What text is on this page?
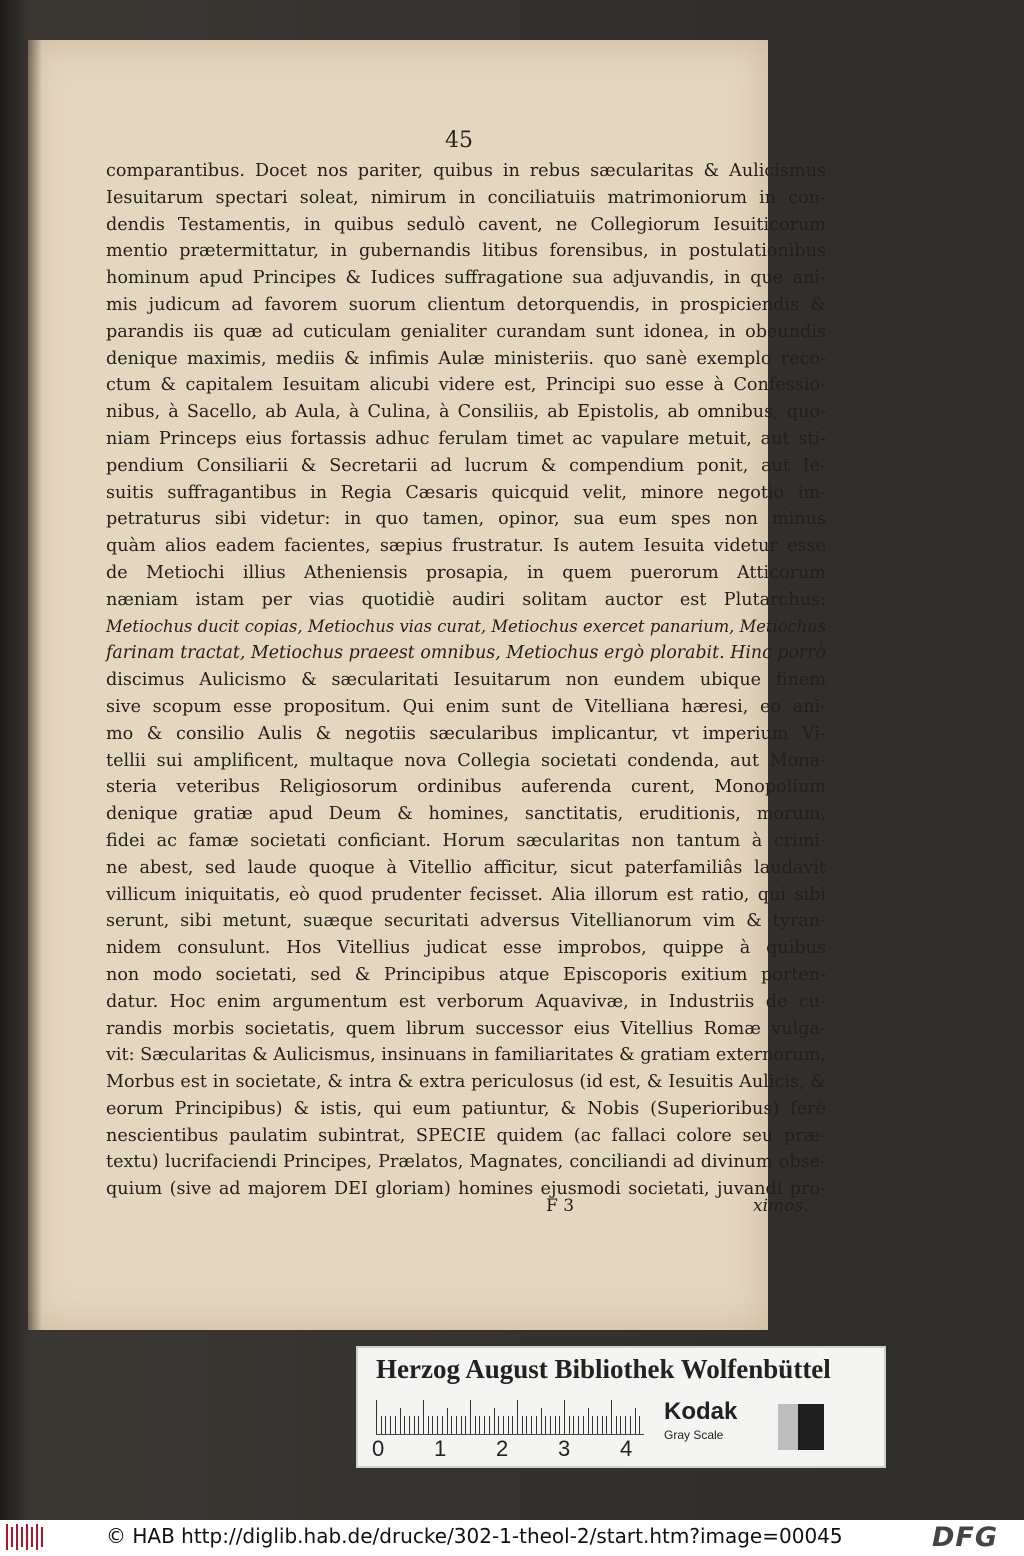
45
comparantibus. Docet nos pariter, quibus in rebus sæcularitas & Aulicismus
Iesuitarum spectari soleat, nimirum in conciliatuiis matrimoniorum in con-
dendis Testamentis, in quibus sedulò cavent, ne Collegiorum Iesuiticorum
mentio prætermittatur, in gubernandis litibus forensibus, in postulationibus
hominum apud Principes & Iudices suffragatione sua adjuvandis, in que ani-
mis judicum ad favorem suorum clientum detorquendis, in prospiciendis &
parandis iis quæ ad cuticulam genialiter curandam sunt idonea, in obeundis
denique maximis, mediis & infimis Aulæ ministeriis. quo sanè exemplo reco-
ctum & capitalem Iesuitam alicubi videre est, Principi suo esse à Confessio-
nibus, à Sacello, ab Aula, à Culina, à Consiliis, ab Epistolis, ab omnibus, quo-
niam Princeps eius fortassis adhuc ferulam timet ac vapulare metuit, aut sti-
pendium Consiliarii & Secretarii ad lucrum & compendium ponit, aut Ie-
suitis suffragantibus in Regia Cæsaris quicquid velit, minore negotio im-
petraturus sibi videtur: in quo tamen, opinor, sua eum spes non minus
quàm alios eadem facientes, sæpius frustratur. Is autem Iesuita videtur esse
de Metiochi illius Atheniensis prosapia, in quem puerorum Atticorum
næniam istam per vias quotidiè audiri solitam auctor est Plutarchus:
Metiochus ducit copias, Metiochus vias curat, Metiochus exercet panarium, Metiochus
farinam tractat, Metiochus praeest omnibus, Metiochus ergò plorabit. Hinc porrò
discimus Aulicismo & sæcularitati Iesuitarum non eundem ubique finem
sive scopum esse propositum. Qui enim sunt de Vitelliana hæresi, eo ani-
mo & consilio Aulis & negotiis sæcularibus implicantur, vt imperium Vi-
tellii sui amplificent, multaque nova Collegia societati condenda, aut Mona-
steria veteribus Religiosorum ordinibus auferenda curent, Monopolium
denique gratiæ apud Deum & homines, sanctitatis, eruditionis, morum,
fidei ac famæ societati conficiant. Horum sæcularitas non tantum à crimi-
ne abest, sed laude quoque à Vitellio afficitur, sicut paterfamiliâs laudavit
villicum iniquitatis, eò quod prudenter fecisset. Alia illorum est ratio, qui sibi
serunt, sibi metunt, suæque securitati adversus Vitellianorum vim & tyran-
nidem consulunt. Hos Vitellius judicat esse improbos, quippe à quibus
non modo societati, sed & Principibus atque Episcoporis exitium porten-
datur. Hoc enim argumentum est verborum Aquavivæ, in Industriis de cu-
randis morbis societatis, quem librum successor eius Vitellius Romæ vulga-
vit: Sæcularitas & Aulicismus, insinuans in familiaritates & gratiam externorum,
Morbus est in societate, & intra & extra periculosus (id est, & Iesuitis Aulicis, &
eorum Principibus) & istis, qui eum patiuntur, & Nobis (Superioribus) ferè
nescientibus paulatim subintrat, SPECIE quidem (ac fallaci colore seu præ-
textu) lucrifaciendi Principes, Prælatos, Magnates, conciliandi ad divinum obse-
quium (sive ad majorem DEI gloriam) homines ejusmodi societati, juvandi pro-
F 3	ximos.
Herzog August Bibliothek Wolfenbüttel
0 1 2 3 4
Kodak
Gray Scale
© HAB http://diglib.hab.de/drucke/302-1-theol-2/start.htm?image=00045	DFG
